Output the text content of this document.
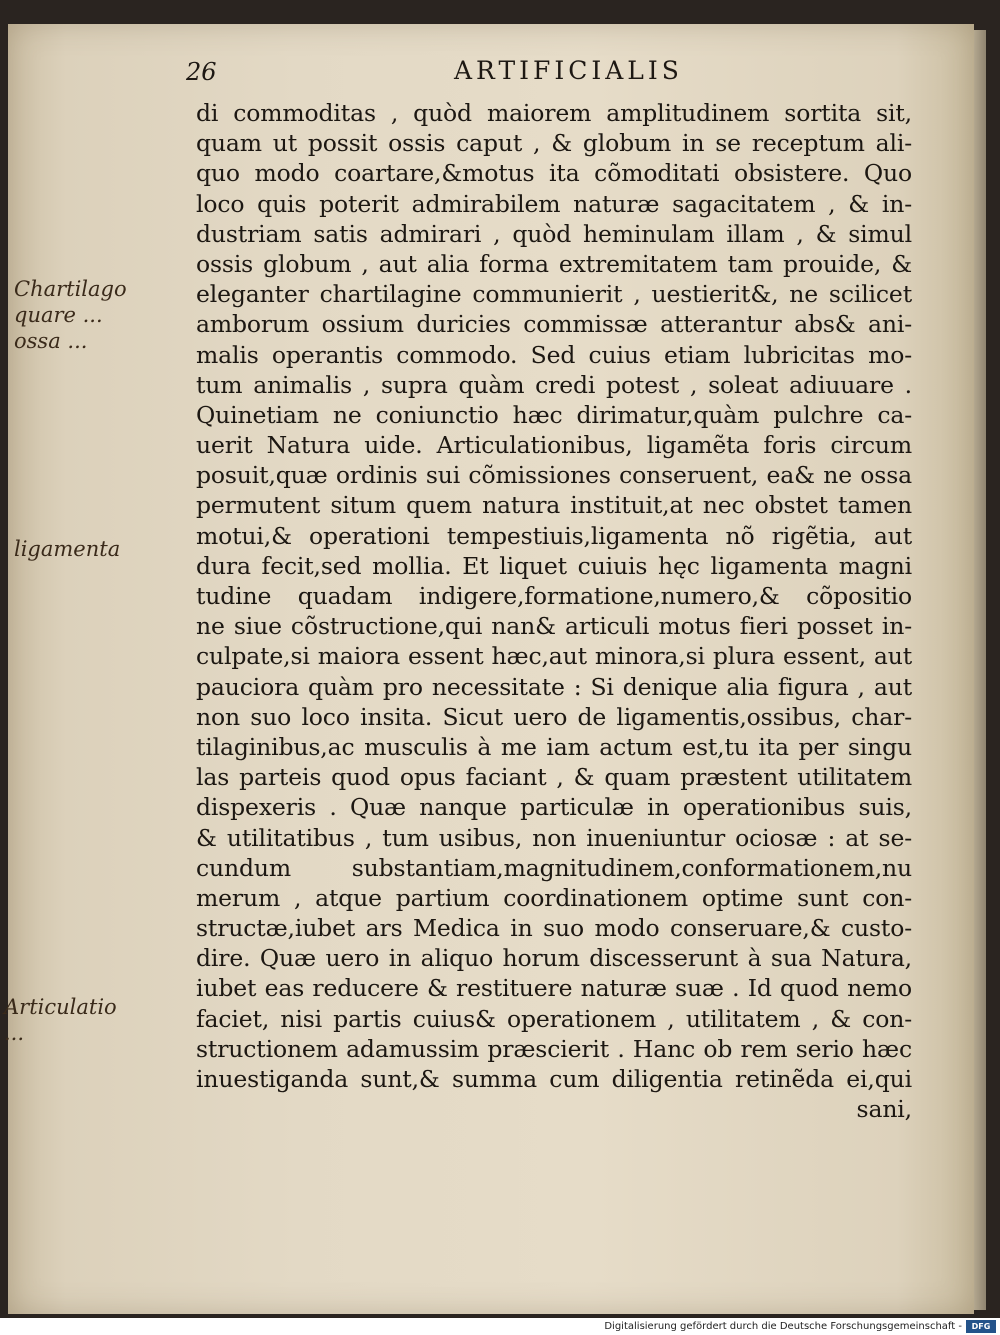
26	ARTIFICIALIS
di commoditas , quòd maiorem amplitudinem sortita sit,
quam ut possit ossis caput , & globum in se receptum ali-
quo modo coartare,&motus ita cõmoditati obsistere. Quo
loco quis poterit admirabilem naturæ sagacitatem , & in-
dustriam satis admirari , quòd heminulam illam , & simul
ossis globum , aut alia forma extremitatem tam prouide, &
eleganter chartilagine communierit , uestierit&, ne scilicet
amborum ossium duricies commissæ atterantur abs& ani-
malis operantis commodo. Sed cuius etiam lubricitas mo-
tum animalis , supra quàm credi potest , soleat adiuuare .
Quinetiam ne coniunctio hæc dirimatur,quàm pulchre ca-
uerit Natura uide. Articulationibus, ligamẽta foris circum
posuit,quæ ordinis sui cõmissiones conseruent, ea& ne ossa
permutent situm quem natura instituit,at nec obstet tamen
motui,& operationi tempestiuis,ligamenta nõ rigẽtia, aut
dura fecit,sed mollia. Et liquet cuiuis hęc ligamenta magni
tudine quadam indigere,formatione,numero,& cõpositio
ne siue cõstructione,qui nan& articuli motus fieri posset in-
culpate,si maiora essent hæc,aut minora,si plura essent, aut
pauciora quàm pro necessitate : Si denique alia figura , aut
non suo loco insita. Sicut uero de ligamentis,ossibus, char-
tilaginibus,ac musculis à me iam actum est,tu ita per singu
las parteis quod opus faciant , & quam præstent utilitatem
dispexeris . Quæ nanque particulæ in operationibus suis,
& utilitatibus , tum usibus, non inueniuntur ociosæ : at se-
cundum substantiam,magnitudinem,conformationem,nu
merum , atque partium coordinationem optime sunt con-
structæ,iubet ars Medica in suo modo conseruare,& custo-
dire. Quæ uero in aliquo horum discesserunt à sua Natura,
iubet eas reducere & restituere naturæ suæ . Id quod nemo
faciet, nisi partis cuius& operationem , utilitatem , & con-
structionem adamussim præscierit . Hanc ob rem serio hæc
inuestiganda sunt,& summa cum diligentia retinẽda ei,qui
sani,
Chartilago
quare ...
ossa ...
ligamenta
Articulatio
...
Digitalisierung gefördert durch die Deutsche Forschungsgemeinschaft -	DFG
